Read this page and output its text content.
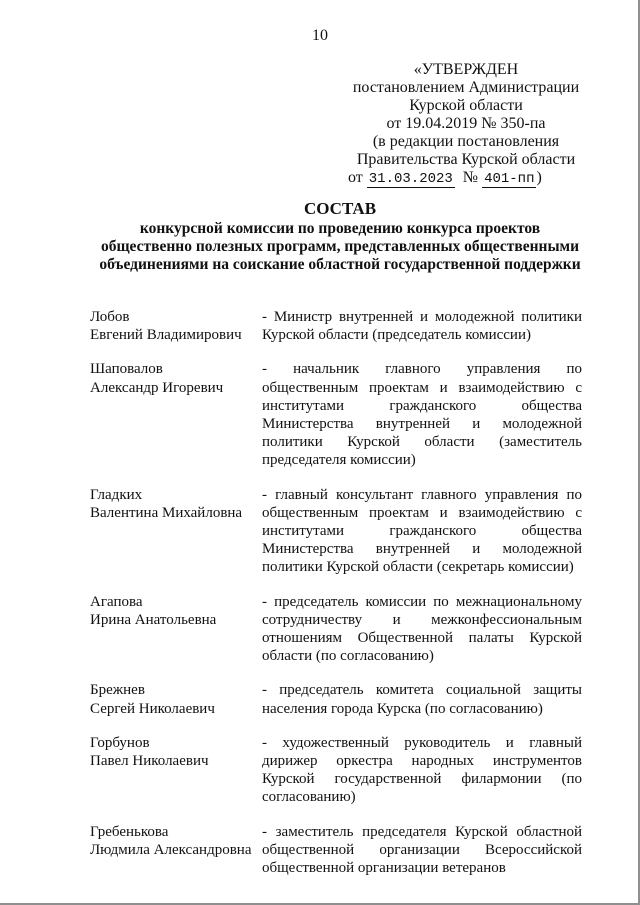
10
«УТВЕРЖДЕН
постановлением Администрации
Курской области
от 19.04.2019 № 350-па
(в редакции постановления
Правительства Курской области
от 31.03.2023 № 401-пп )
СОСТАВ
конкурсной комиссии по проведению конкурса проектов
общественно полезных программ, представленных общественными
объединениями на соискание областной государственной поддержки
Лобов
Евгений Владимирович
- Министр внутренней и молодежной политики Курской области (председатель комиссии)
Шаповалов
Александр Игоревич
- начальник главного управления по общественным проектам и взаимодействию с институтами гражданского общества Министерства внутренней и молодежной политики Курской области (заместитель председателя комиссии)
Гладких
Валентина Михайловна
- главный консультант главного управления по общественным проектам и взаимодействию с институтами гражданского общества Министерства внутренней и молодежной политики Курской области (секретарь комиссии)
Агапова
Ирина Анатольевна
- председатель комиссии по межнациональному сотрудничеству и межконфессиональным отношениям Общественной палаты Курской области (по согласованию)
Брежнев
Сергей Николаевич
- председатель комитета социальной защиты населения города Курска (по согласованию)
Горбунов
Павел Николаевич
- художественный руководитель и главный дирижер оркестра народных инструментов Курской государственной филармонии (по согласованию)
Гребенькова
Людмила Александровна
- заместитель председателя Курской областной общественной организации Всероссийской общественной организации ветеранов
